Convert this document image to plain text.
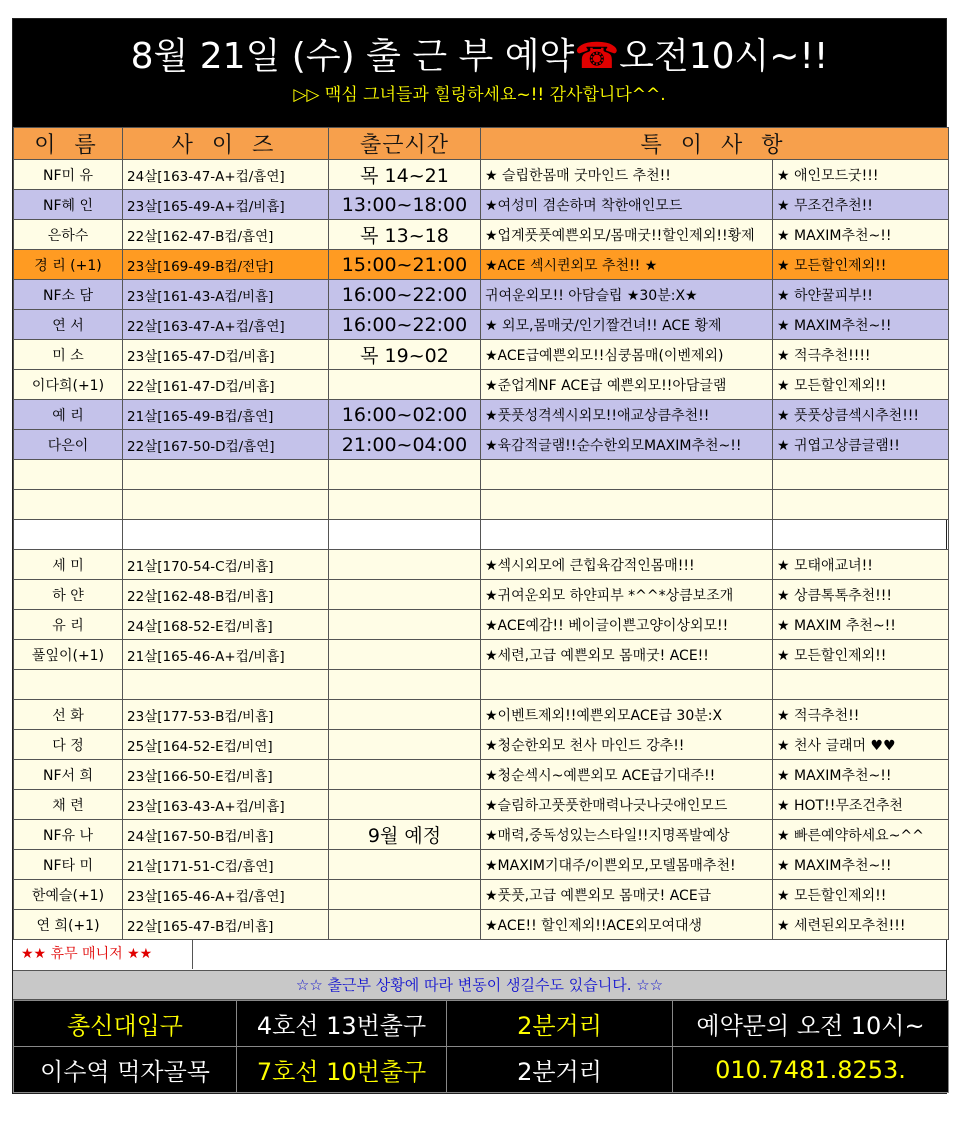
8월 21일 (수) 출 근 부 예약☎오전10시~!!
▷▷ 맥심 그녀들과 힐링하세요~!! 감사합니다^^.
이 름	사 이 즈	출근시간	특 이 사 항	
NF미 유	24살[163-47-A+컵/흡연]	목 14~21	★ 슬립한몸매 굿마인드 추천!!	★ 애인모드굿!!!
NF혜 인	23살[165-49-A+컵/비흡]	13:00~18:00	★여성미 겸손하며 착한애인모드	★ 무조건추천!!
은하수	22살[162-47-B컵/흡연]	목 13~18	★업계풋풋예쁜외모/몸매굿!!할인제외!!황제	★ MAXIM추천~!!
경 리 (+1)	23살[169-49-B컵/전담]	15:00~21:00	★ACE 섹시퀸외모 추천!! ★	★ 모든할인제외!!
NF소 담	23살[161-43-A컵/비흡]	16:00~22:00	귀여운외모!! 아담슬립 ★30분:X★	★ 하얀꿀피부!!
연 서	22살[163-47-A+컵/흡연]	16:00~22:00	★ 외모,몸매굿/인기짤건녀!! ACE 황제	★ MAXIM추천~!!
미 소	23살[165-47-D컵/비흡]	목 19~02	★ACE급예쁜외모!!심쿵몸매(이벤제외)	★ 적극추천!!!!
이다희(+1)	22살[161-47-D컵/비흡]		★준업계NF ACE급 예쁜외모!!아담글램	★ 모든할인제외!!
예 리	21살[165-49-B컵/흡연]	16:00~02:00	★풋풋성격섹시외모!!애교상큼추천!!	★ 풋풋상큼섹시추천!!!
다은이	22살[167-50-D컵/흡연]	21:00~04:00	★육감적글램!!순수한외모MAXIM추천~!!	★ 귀엽고상큼글램!!

세 미	21살[170-54-C컵/비흡]		★섹시외모에 큰힙육감적인몸매!!!	★ 모태애교녀!!
하 얀	22살[162-48-B컵/비흡]		★귀여운외모 하얀피부 *^^*상큼보조개	★ 상큼톡톡추천!!!
유 리	24살[168-52-E컵/비흡]		★ACE예감!! 베이글이쁜고양이상외모!!	★ MAXIM 추천~!!
풀잎이(+1)	21살[165-46-A+컵/비흡]		★세련,고급 예쁜외모 몸매굿! ACE!!	★ 모든할인제외!!

선 화	23살[177-53-B컵/비흡]		★이벤트제외!!예쁜외모ACE급 30분:X	★ 적극추천!!
다 정	25살[164-52-E컵/비연]		★청순한외모 천사 마인드 강추!!	★ 천사 글래머 ♥♥
NF서 희	23살[166-50-E컵/비흡]		★청순섹시~예쁜외모 ACE급기대주!!	★ MAXIM추천~!!
채 련	23살[163-43-A+컵/비흡]		★슬림하고풋풋한매력나긋나긋애인모드	★ HOT!!무조건추천
NF유 나	24살[167-50-B컵/비흡]	9월 예정	★매력,중독성있는스타일!!지명폭발예상	★ 빠른예약하세요~^^
NF타 미	21살[171-51-C컵/흡연]		★MAXIM기대주/이쁜외모,모델몸매추천!	★ MAXIM추천~!!
한예슬(+1)	23살[165-46-A+컵/흡연]		★풋풋,고급 예쁜외모 몸매굿! ACE급	★ 모든할인제외!!
연 희(+1)	22살[165-47-B컵/비흡]		★ACE!! 할인제외!!ACE외모여대생	★ 세련된외모추천!!!
★★ 휴무 매니저 ★★
☆☆ 출근부 상황에 따라 변동이 생길수도 있습니다. ☆☆
총신대입구	4호선 13번출구	2분거리	예약문의 오전 10시~
이수역 먹자골목	7호선 10번출구	2분거리	010.7481.8253.
